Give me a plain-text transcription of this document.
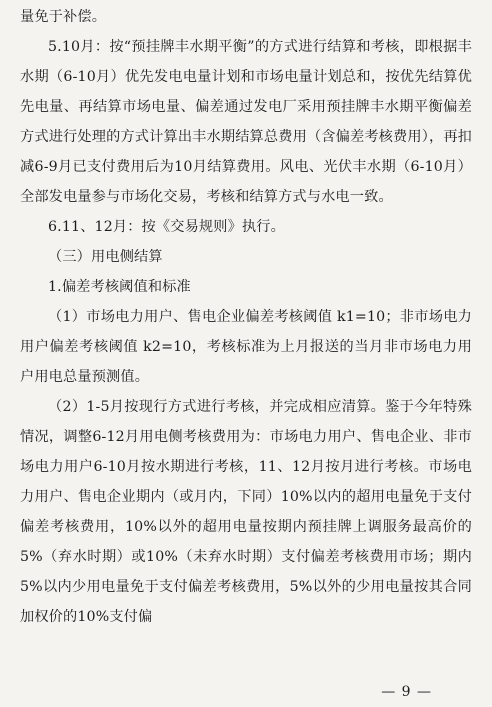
量免于补偿。

5.10月：按“预挂牌丰水期平衡”的方式进行结算和考核，即根据丰水期（6-10月）优先发电电量计划和市场电量计划总和，按优先结算优先电量、再结算市场电量、偏差通过发电厂采用预挂牌丰水期平衡偏差方式进行处理的方式计算出丰水期结算总费用（含偏差考核费用），再扣减6-9月已支付费用后为10月结算费用。风电、光伏丰水期（6-10月）全部发电量参与市场化交易，考核和结算方式与水电一致。

6.11、12月：按《交易规则》执行。

（三）用电侧结算

1.偏差考核阈值和标准

（1）市场电力用户、售电企业偏差考核阈值 k1=10；非市场电力用户偏差考核阈值 k2=10，考核标准为上月报送的当月非市场电力用户用电总量预测值。

（2）1-5月按现行方式进行考核，并完成相应清算。鉴于今年特殊情况，调整6-12月用电侧考核费用为：市场电力用户、售电企业、非市场电力用户6-10月按水期进行考核，11、12月按月进行考核。市场电力用户、售电企业期内（或月内，下同）10%以内的超用电量免于支付偏差考核费用，10%以外的超用电量按期内预挂牌上调服务最高价的5%（弃水时期）或10%（未弃水时期）支付偏差考核费用市场；期内5%以内少用电量免于支付偏差考核费用，5%以外的少用电量按其合同加权价的10%支付偏

— 9 —
